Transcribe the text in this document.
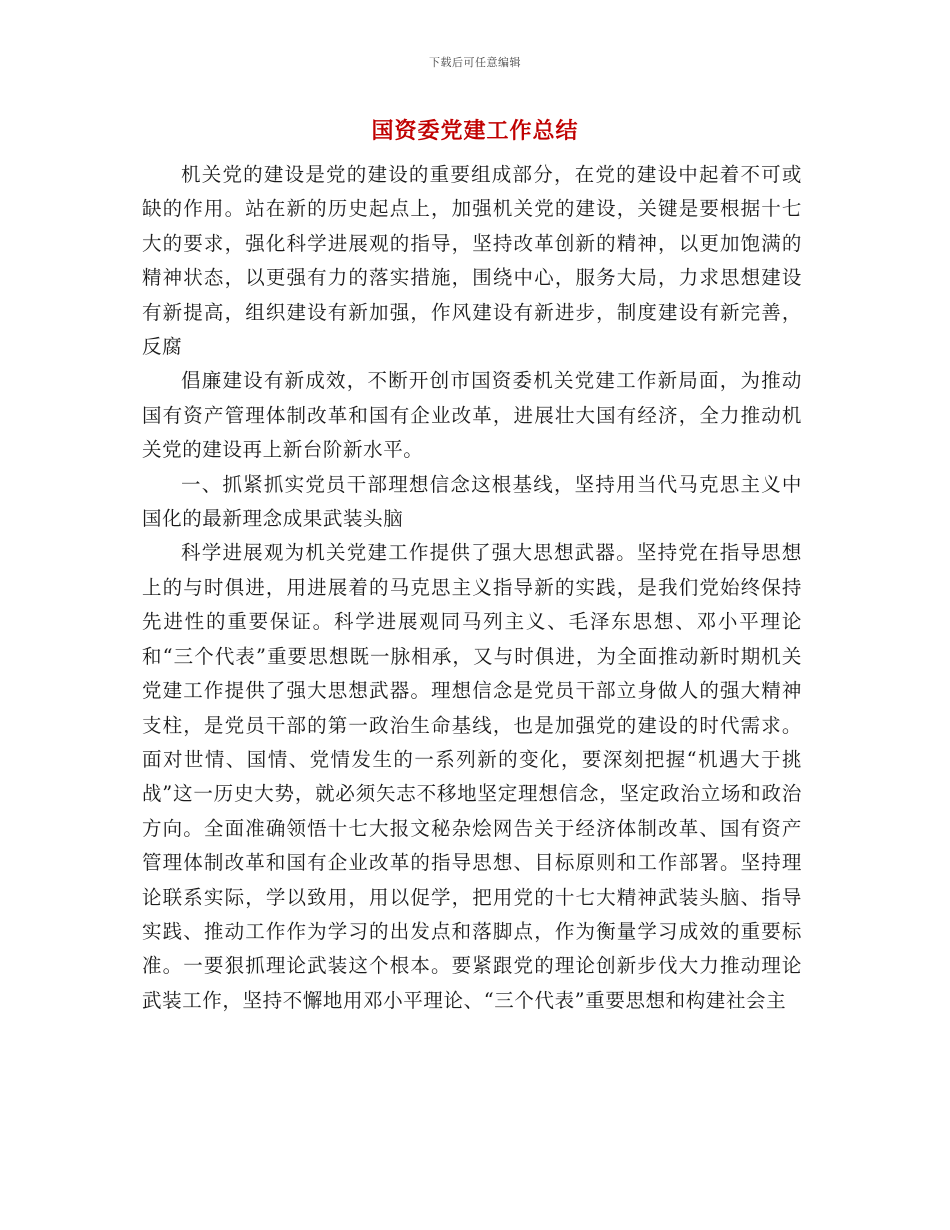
下载后可任意编辑
国资委党建工作总结

机关党的建设是党的建设的重要组成部分，在党的建设中起着不可或缺的作用。站在新的历史起点上，加强机关党的建设，关键是要根据十七大的要求，强化科学进展观的指导，坚持改革创新的精神，以更加饱满的精神状态，以更强有力的落实措施，围绕中心，服务大局，力求思想建设有新提高，组织建设有新加强，作风建设有新进步，制度建设有新完善，反腐

倡廉建设有新成效，不断开创市国资委机关党建工作新局面，为推动国有资产管理体制改革和国有企业改革，进展壮大国有经济，全力推动机关党的建设再上新台阶新水平。

一、抓紧抓实党员干部理想信念这根基线，坚持用当代马克思主义中国化的最新理念成果武装头脑

科学进展观为机关党建工作提供了强大思想武器。坚持党在指导思想上的与时俱进，用进展着的马克思主义指导新的实践，是我们党始终保持先进性的重要保证。科学进展观同马列主义、毛泽东思想、邓小平理论和“三个代表”重要思想既一脉相承，又与时俱进，为全面推动新时期机关党建工作提供了强大思想武器。理想信念是党员干部立身做人的强大精神支柱，是党员干部的第一政治生命基线，也是加强党的建设的时代需求。面对世情、国情、党情发生的一系列新的变化，要深刻把握“机遇大于挑战”这一历史大势，就必须矢志不移地坚定理想信念，坚定政治立场和政治方向。全面准确领悟十七大报文秘杂烩网告关于经济体制改革、国有资产管理体制改革和国有企业改革的指导思想、目标原则和工作部署。坚持理论联系实际，学以致用，用以促学，把用党的十七大精神武装头脑、指导实践、推动工作作为学习的出发点和落脚点，作为衡量学习成效的重要标准。一要狠抓理论武装这个根本。要紧跟党的理论创新步伐大力推动理论武装工作，坚持不懈地用邓小平理论、“三个代表”重要思想和构建社会主
